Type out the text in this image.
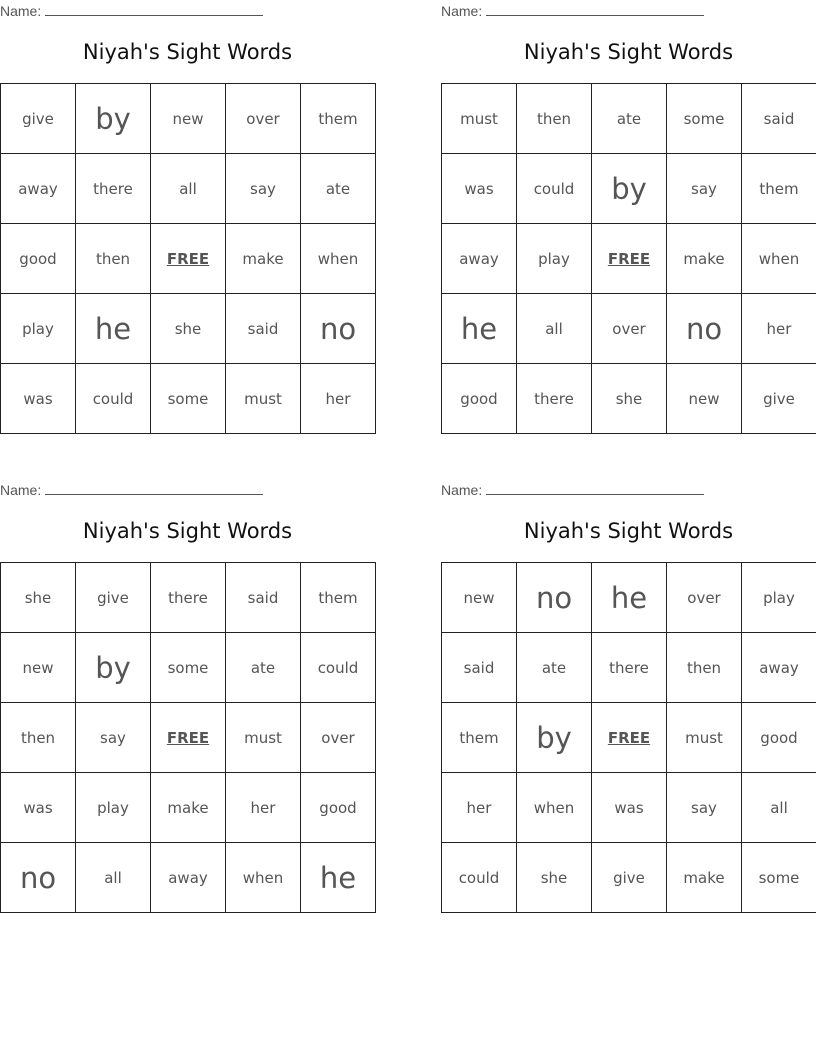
Name:
Niyah's Sight Words
give	by	new	over	them
away	there	all	say	ate
good	then	FREE	make	when
play	he	she	said	no
was	could	some	must	her
Name:
Niyah's Sight Words
must	then	ate	some	said
was	could	by	say	them
away	play	FREE	make	when
he	all	over	no	her
good	there	she	new	give
Name:
Niyah's Sight Words
she	give	there	said	them
new	by	some	ate	could
then	say	FREE	must	over
was	play	make	her	good
no	all	away	when	he
Name:
Niyah's Sight Words
new	no	he	over	play
said	ate	there	then	away
them	by	FREE	must	good
her	when	was	say	all
could	she	give	make	some
